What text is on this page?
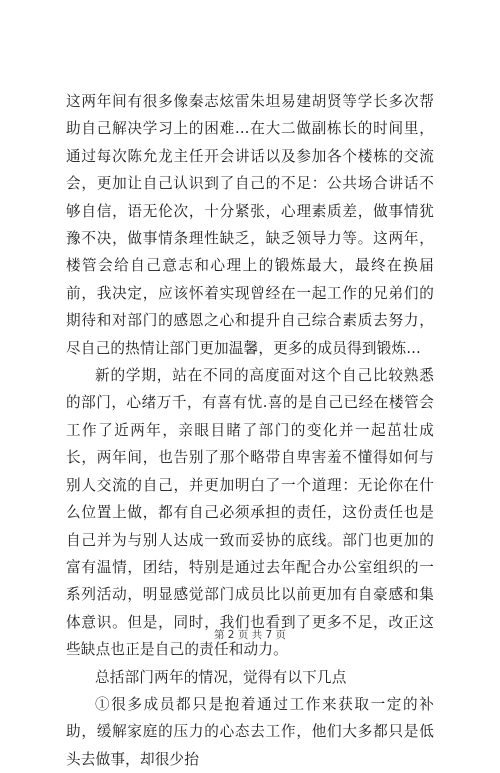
这两年间有很多像秦志炫雷朱坦易建胡贤等学长多次帮助自己解决学习上的困难…在大二做副栋长的时间里，通过每次陈允龙主任开会讲话以及参加各个楼栋的交流会，更加让自己认识到了自己的不足：公共场合讲话不够自信，语无伦次，十分紧张，心理素质差，做事情犹豫不决，做事情条理性缺乏，缺乏领导力等。这两年，楼管会给自己意志和心理上的锻炼最大，最终在换届前，我决定，应该怀着实现曾经在一起工作的兄弟们的期待和对部门的感恩之心和提升自己综合素质去努力，尽自己的热情让部门更加温馨，更多的成员得到锻炼…

新的学期，站在不同的高度面对这个自己比较熟悉的部门，心绪万千，有喜有忧.喜的是自己已经在楼管会工作了近两年，亲眼目睹了部门的变化并一起茁壮成长，两年间，也告别了那个略带自卑害羞不懂得如何与别人交流的自己，并更加明白了一个道理：无论你在什么位置上做，都有自己必须承担的责任，这份责任也是自己并为与别人达成一致而妥协的底线。部门也更加的富有温情，团结，特别是通过去年配合办公室组织的一系列活动，明显感觉部门成员比以前更加有自豪感和集体意识。但是，同时，我们也看到了更多不足，改正这些缺点也正是自己的责任和动力。

总括部门两年的情况，觉得有以下几点

①很多成员都只是抱着通过工作来获取一定的补助，缓解家庭的压力的心态去工作，他们大多都只是低头去做事，却很少抬

第 2 页 共 7 页
